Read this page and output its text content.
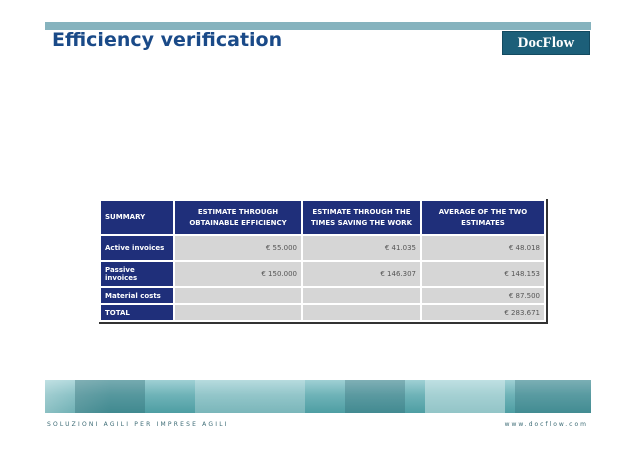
Efficiency verification	DocFlow
SUMMARY	ESTIMATE THROUGH OBTAINABLE EFFICIENCY	ESTIMATE THROUGH THE TIMES SAVING THE WORK	AVERAGE OF THE TWO ESTIMATES
Active invoices	€ 55.000	€ 41.035	€ 48.018
Passive invoices	€ 150.000	€ 146.307	€ 148.153
Material costs			€ 87.500
TOTAL			€ 283.671
SOLUZIONI AGILI PER IMPRESE AGILI	www.docflow.com
